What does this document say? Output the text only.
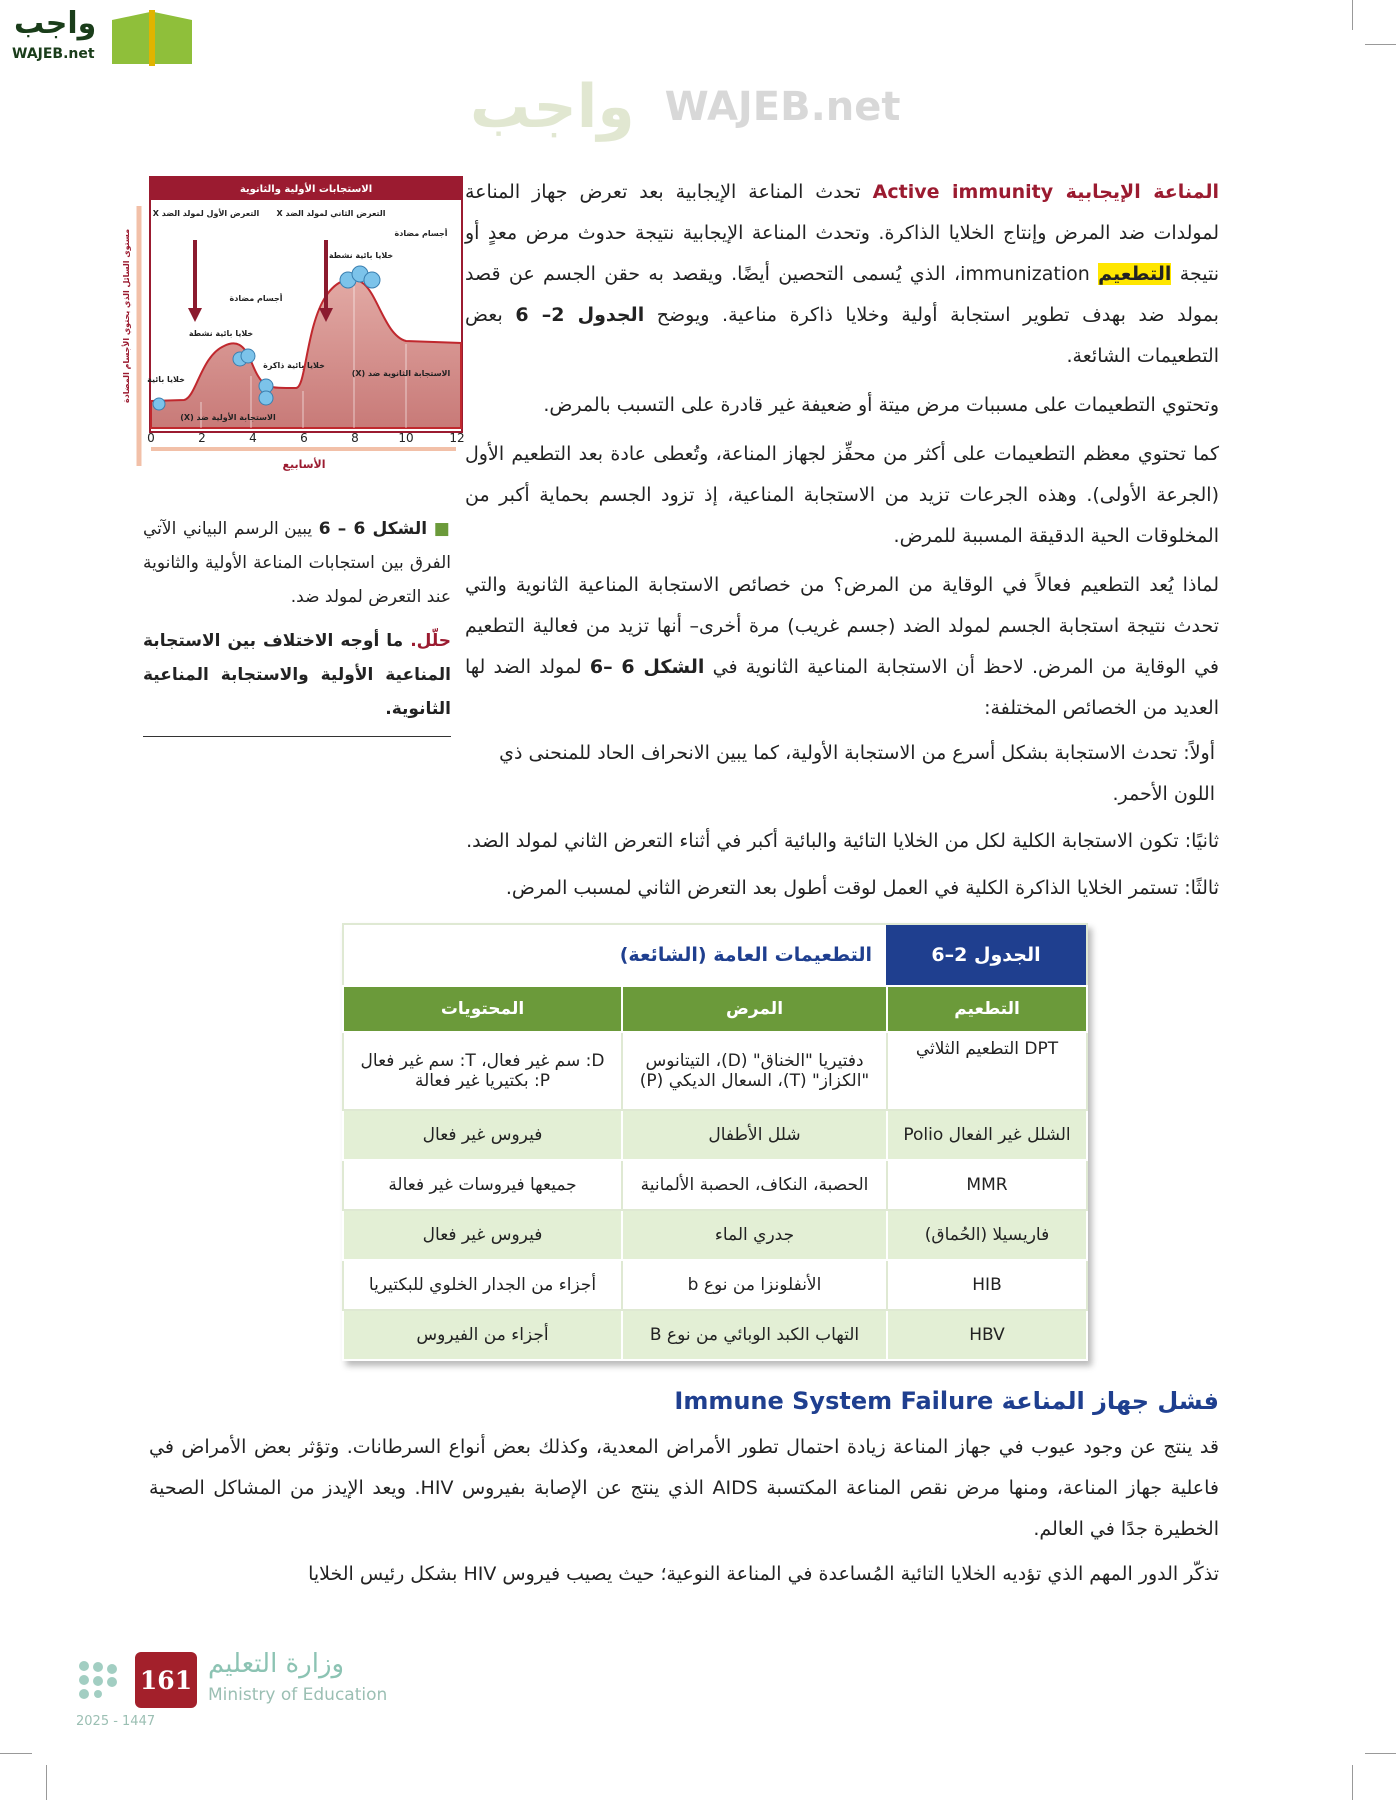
واجب
WAJEB.net
واجب WAJEB.net
الاستجابات الأولية والثانوية
التعرض الأول لمولد الضد X التعرض الثاني لمولد الضد X
خلايا بائية
خلايا بائية نشطة
أجسام مضادة
خلايا بائية ذاكرة
خلايا بائية نشطة
أجسام مضادة
الاستجابة الأولية ضد (X)
الاستجابة الثانوية ضد (X)
0	2	4	6	8	10	12
الأسابيع
مستوى السائل الذي يحتوي الأجسام المضادة
■ الشكل 6 – 6 يبين الرسم البياني الآتي الفرق بين استجابات المناعة الأولية والثانوية عند التعرض لمولد ضد.
حلّل. ما أوجه الاختلاف بين الاستجابة المناعية الأولية والاستجابة المناعية الثانوية.

المناعة الإيجابية Active immunity تحدث المناعة الإيجابية بعد تعرض جهاز المناعة لمولدات ضد المرض وإنتاج الخلايا الذاكرة. وتحدث المناعة الإيجابية نتيجة حدوث مرض معدٍ أو نتيجة التطعيم immunization، الذي يُسمى التحصين أيضًا. ويقصد به حقن الجسم عن قصد بمولد ضد بهدف تطوير استجابة أولية وخلايا ذاكرة مناعية. ويوضح الجدول 2– 6 بعض التطعيمات الشائعة.

وتحتوي التطعيمات على مسببات مرض ميتة أو ضعيفة غير قادرة على التسبب بالمرض.

كما تحتوي معظم التطعيمات على أكثر من محفِّز لجهاز المناعة، وتُعطى عادة بعد التطعيم الأول (الجرعة الأولى). وهذه الجرعات تزيد من الاستجابة المناعية، إذ تزود الجسم بحماية أكبر من المخلوقات الحية الدقيقة المسببة للمرض.

لماذا يُعد التطعيم فعالاً في الوقاية من المرض؟ من خصائص الاستجابة المناعية الثانوية والتي تحدث نتيجة استجابة الجسم لمولد الضد (جسم غريب) مرة أخرى– أنها تزيد من فعالية التطعيم في الوقاية من المرض. لاحظ أن الاستجابة المناعية الثانوية في الشكل 6 –6 لمولد الضد لها العديد من الخصائص المختلفة:

أولاً: تحدث الاستجابة بشكل أسرع من الاستجابة الأولية، كما يبين الانحراف الحاد للمنحنى ذي اللون الأحمر.
ثانيًا: تكون الاستجابة الكلية لكل من الخلايا التائية والبائية أكبر في أثناء التعرض الثاني لمولد الضد.
ثالثًا: تستمر الخلايا الذاكرة الكلية في العمل لوقت أطول بعد التعرض الثاني لمسبب المرض.
الجدول 2–6
التطعيمات العامة (الشائعة)
التطعيم	المرض	المحتويات
DPT التطعيم الثلاثي	دفتيريا "الخناق" (D)، التيتانوس "الكزاز" (T)، السعال الديكي (P)	D: سم غير فعال، T: سم غير فعال P: بكتيريا غير فعالة
الشلل غير الفعال Polio	شلل الأطفال	فيروس غير فعال
MMR	الحصبة، النكاف، الحصبة الألمانية	جميعها فيروسات غير فعالة
فاريسيلا (الحُماق)	جدري الماء	فيروس غير فعال
HIB	الأنفلونزا من نوع b	أجزاء من الجدار الخلوي للبكتيريا
HBV	التهاب الكبد الوبائي من نوع B	أجزاء من الفيروس
فشل جهاز المناعة Immune System Failure
قد ينتج عن وجود عيوب في جهاز المناعة زيادة احتمال تطور الأمراض المعدية، وكذلك بعض أنواع السرطانات. وتؤثر بعض الأمراض في فاعلية جهاز المناعة، ومنها مرض نقص المناعة المكتسبة AIDS الذي ينتج عن الإصابة بفيروس HIV. ويعد الإيدز من المشاكل الصحية الخطيرة جدًا في العالم.
تذكّر الدور المهم الذي تؤديه الخلايا التائية المُساعدة في المناعة النوعية؛ حيث يصيب فيروس HIV بشكل رئيس الخلايا
161
وزارة التعليم
Ministry of Education
2025 - 1447
